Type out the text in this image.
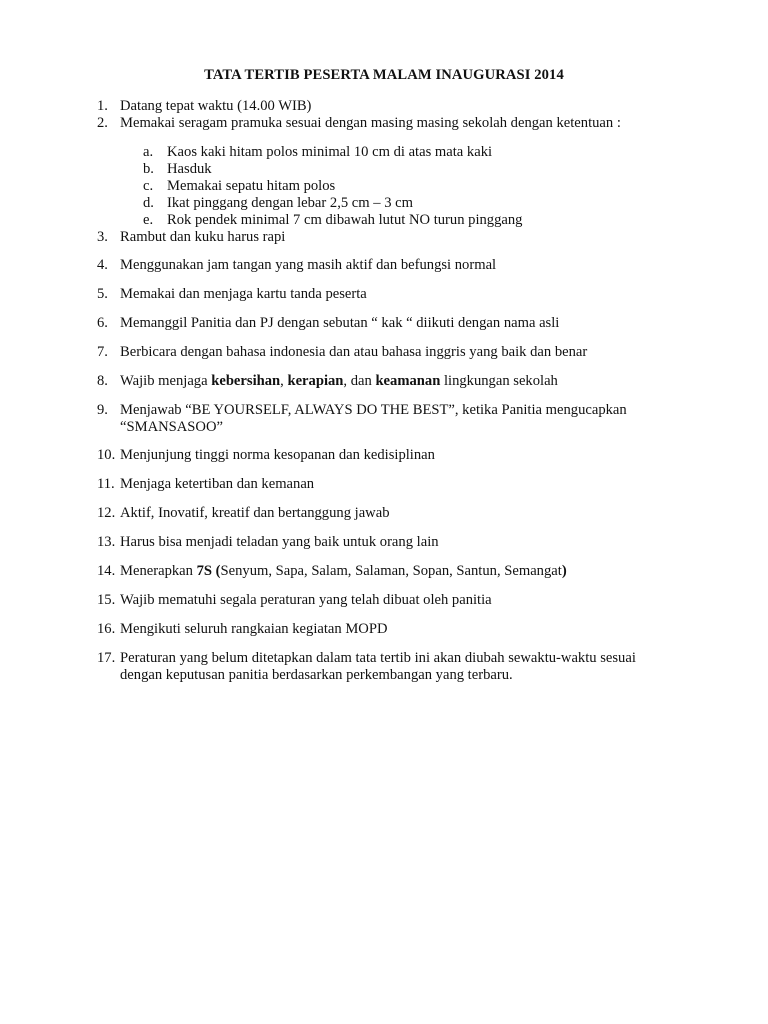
TATA TERTIB PESERTA MALAM INAUGURASI 2014
1. Datang tepat waktu (14.00 WIB)
2. Memakai seragam pramuka sesuai dengan masing masing sekolah dengan ketentuan :
a. Kaos kaki hitam polos minimal 10 cm di atas mata kaki
b. Hasduk
c. Memakai sepatu hitam polos
d. Ikat pinggang dengan lebar 2,5 cm – 3 cm
e. Rok pendek minimal 7 cm dibawah lutut NO turun pinggang
3. Rambut dan kuku harus rapi
4. Menggunakan jam tangan yang masih aktif dan befungsi normal
5. Memakai dan menjaga kartu tanda peserta
6. Memanggil Panitia dan PJ dengan sebutan “ kak “ diikuti dengan nama asli
7. Berbicara dengan bahasa indonesia dan atau bahasa inggris yang baik dan benar
8. Wajib menjaga kebersihan, kerapian, dan keamanan lingkungan sekolah
9. Menjawab “BE YOURSELF, ALWAYS DO THE BEST”, ketika Panitia mengucapkan
“SMANSASOO”
10. Menjunjung tinggi norma kesopanan dan kedisiplinan
11. Menjaga ketertiban dan kemanan
12. Aktif, Inovatif, kreatif dan bertanggung jawab
13. Harus bisa menjadi teladan yang baik untuk orang lain
14. Menerapkan 7S (Senyum, Sapa, Salam, Salaman, Sopan, Santun, Semangat)
15. Wajib mematuhi segala peraturan yang telah dibuat oleh panitia
16. Mengikuti seluruh rangkaian kegiatan MOPD
17. Peraturan yang belum ditetapkan dalam tata tertib ini akan diubah sewaktu-waktu sesuai
dengan keputusan panitia berdasarkan perkembangan yang terbaru.
